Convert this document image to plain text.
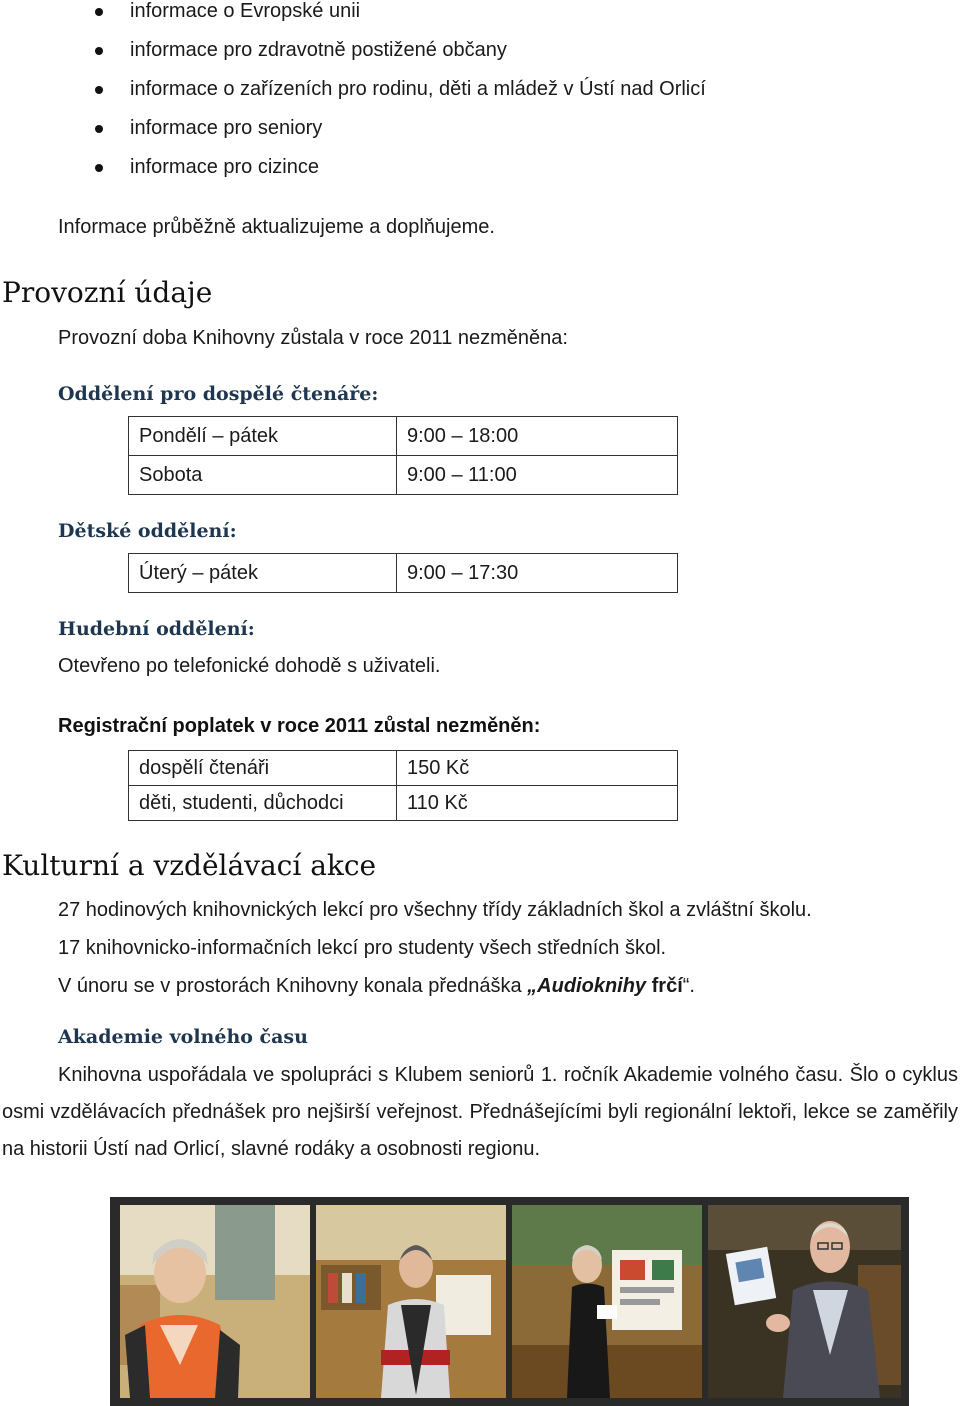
informace o Evropské unii
informace pro zdravotně postižené občany
informace o zařízeních pro rodinu, děti a mládež v Ústí nad Orlicí
informace pro seniory
informace pro cizince
Informace průběžně aktualizujeme a doplňujeme.
Provozní údaje
Provozní doba Knihovny zůstala v roce 2011 nezměněna:
Oddělení pro dospělé čtenáře:
Pondělí – pátek	9:00 – 18:00
Sobota	9:00 – 11:00
Dětské oddělení:
Úterý – pátek	9:00 – 17:30
Hudební oddělení:
Otevřeno po telefonické dohodě s uživateli.
Registrační poplatek v roce 2011 zůstal nezměněn:
dospělí čtenáři	150 Kč
děti, studenti, důchodci	110 Kč
Kulturní a vzdělávací akce
27 hodinových knihovnických lekcí pro všechny třídy základních škol a zvláštní školu.
17 knihovnicko-informačních lekcí pro studenty všech středních škol.
V únoru se v prostorách Knihovny konala přednáška „Audioknihy frčí“.
Akademie volného času

Knihovna uspořádala ve spolupráci s Klubem seniorů 1. ročník Akademie volného času. Šlo o cyklus osmi vzdělávacích přednášek pro nejširší veřejnost. Přednášejícími byli regionální lektoři, lekce se zaměřily na historii Ústí nad Orlicí, slavné rodáky a osobnosti regionu.
